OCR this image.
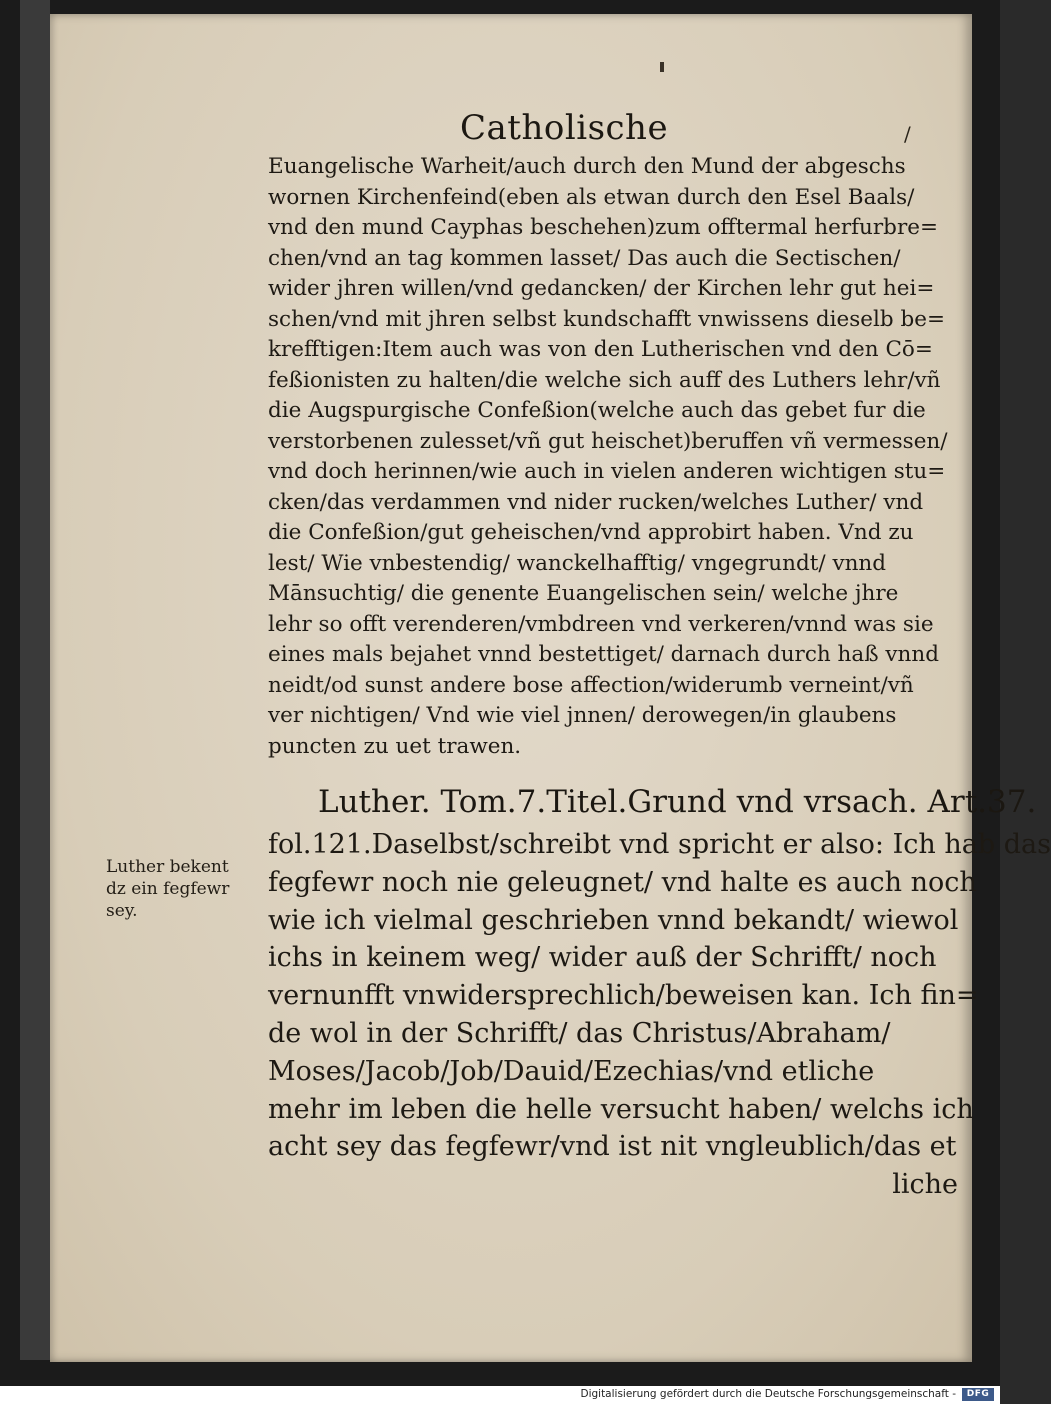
Catholische	/
Euangelische Warheit/auch durch den Mund der abgeschs
wornen Kirchenfeind(eben als etwan durch den Esel Baals/
vnd den mund Cayphas beschehen)zum offtermal herfurbre=
chen/vnd an tag kommen lasset/ Das auch die Sectischen/
wider jhren willen/vnd gedancken/ der Kirchen lehr gut hei=
schen/vnd mit jhren selbst kundschafft vnwissens dieselb be=
krefftigen:Item auch was von den Lutherischen vnd den Cō=
feßionisten zu halten/die welche sich auff des Luthers lehr/vñ
die Augspurgische Confeßion(welche auch das gebet fur die
verstorbenen zulesset/vñ gut heischet)beruffen vñ vermessen/
vnd doch herinnen/wie auch in vielen anderen wichtigen stu=
cken/das verdammen vnd nider rucken/welches Luther/ vnd
die Confeßion/gut geheischen/vnd approbirt haben. Vnd zu
lest/ Wie vnbestendig/ wanckelhafftig/ vngegrundt/ vnnd
Mānsuchtig/ die genente Euangelischen sein/ welche jhre
lehr so offt verenderen/vmbdreen vnd verkeren/vnnd was sie
eines mals bejahet vnnd bestettiget/ darnach durch haß vnnd
neidt/od sunst andere bose affection/widerumb verneint/vñ
ver nichtigen/ Vnd wie viel jnnen/ derowegen/in glaubens
puncten zu uet trawen.
Luther. Tom.7.Titel.Grund vnd vrsach. Art.37.
Luther bekent
dz ein fegfewr
sey.
fol.121.Daselbst/schreibt vnd spricht er also: Ich hab das
fegfewr noch nie geleugnet/ vnd halte es auch noch
wie ich vielmal geschrieben vnnd bekandt/ wiewol
ichs in keinem weg/ wider auß der Schrifft/ noch
vernunfft vnwidersprechlich/beweisen kan. Ich fin=
de wol in der Schrifft/ das Christus/Abraham/
Moses/Jacob/Job/Dauid/Ezechias/vnd etliche
mehr im leben die helle versucht haben/ welchs ich
acht sey das fegfewr/vnd ist nit vngleublich/das et
liche
Digitalisierung gefördert durch die Deutsche Forschungsgemeinschaft -	DFG
